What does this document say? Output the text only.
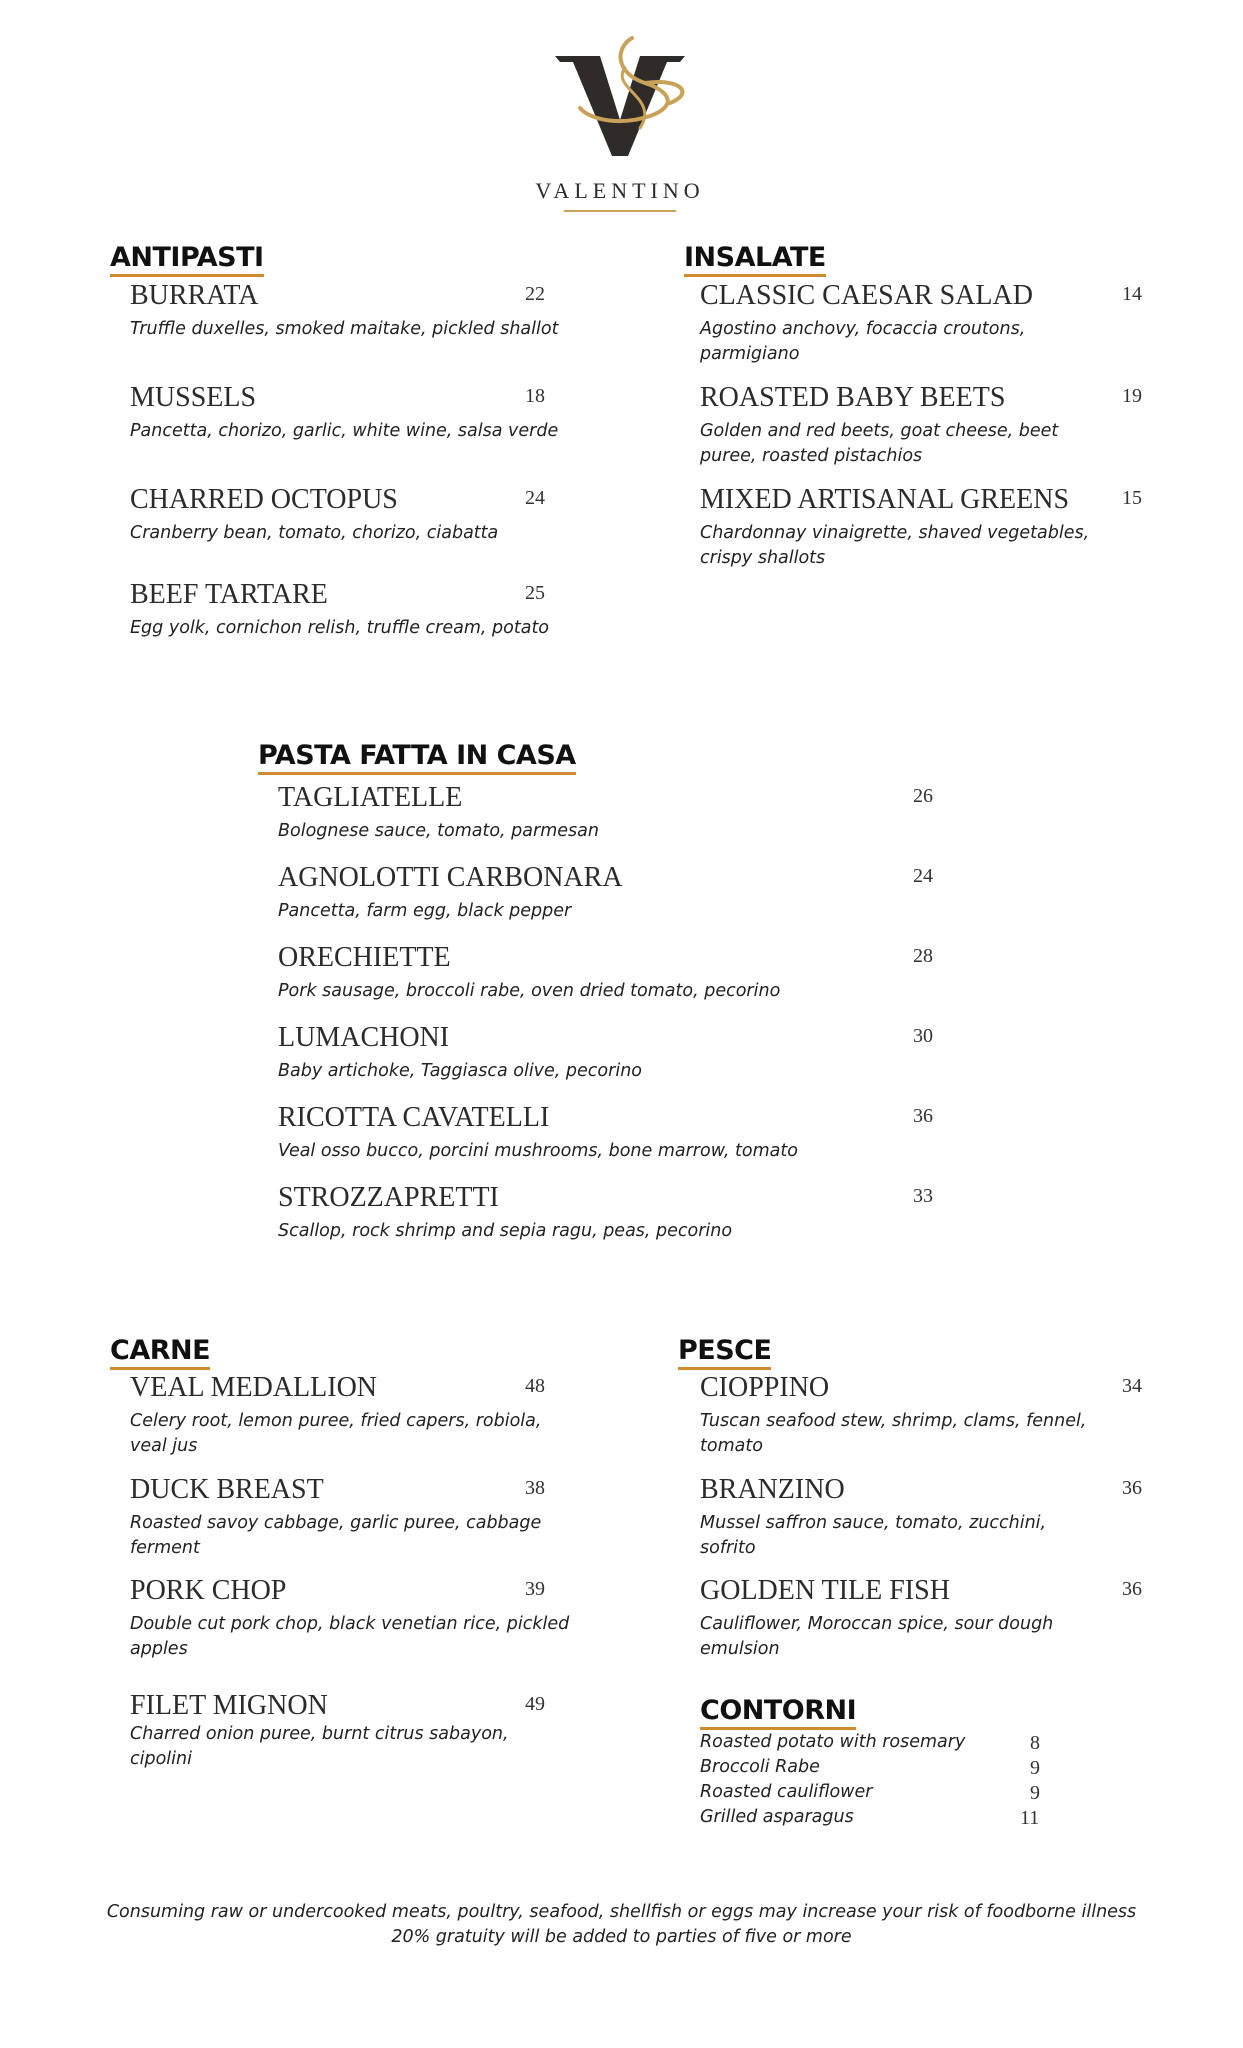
VALENTINO
ANTIPASTI
BURRATA	22
Truffle duxelles, smoked maitake, pickled shallot
MUSSELS	18
Pancetta, chorizo, garlic, white wine, salsa verde
CHARRED OCTOPUS	24
Cranberry bean, tomato, chorizo, ciabatta
BEEF TARTARE	25
Egg yolk, cornichon relish, truffle cream, potato
INSALATE
CLASSIC CAESAR SALAD	14
Agostino anchovy, focaccia croutons, parmigiano
ROASTED BABY BEETS	19
Golden and red beets, goat cheese, beet puree, roasted pistachios
MIXED ARTISANAL GREENS	15
Chardonnay vinaigrette, shaved vegetables, crispy shallots
PASTA FATTA IN CASA
TAGLIATELLE	26
Bolognese sauce, tomato, parmesan
AGNOLOTTI CARBONARA	24
Pancetta, farm egg, black pepper
ORECHIETTE	28
Pork sausage, broccoli rabe, oven dried tomato, pecorino
LUMACHONI	30
Baby artichoke, Taggiasca olive, pecorino
RICOTTA CAVATELLI	36
Veal osso bucco, porcini mushrooms, bone marrow, tomato
STROZZAPRETTI	33
Scallop, rock shrimp and sepia ragu, peas, pecorino
CARNE
VEAL MEDALLION	48
Celery root, lemon puree, fried capers, robiola, veal jus
DUCK BREAST	38
Roasted savoy cabbage, garlic puree, cabbage ferment
PORK CHOP	39
Double cut pork chop, black venetian rice, pickled apples
FILET MIGNON	49
Charred onion puree, burnt citrus sabayon, cipolini
PESCE
CIOPPINO	34
Tuscan seafood stew, shrimp, clams, fennel, tomato
BRANZINO	36
Mussel saffron sauce, tomato, zucchini, sofrito
GOLDEN TILE FISH	36
Cauliflower, Moroccan spice, sour dough emulsion
CONTORNI
Roasted potato with rosemary	8
Broccoli Rabe	9
Roasted cauliflower	9
Grilled asparagus	11
Consuming raw or undercooked meats, poultry, seafood, shellfish or eggs may increase your risk of foodborne illness
20% gratuity will be added to parties of five or more
